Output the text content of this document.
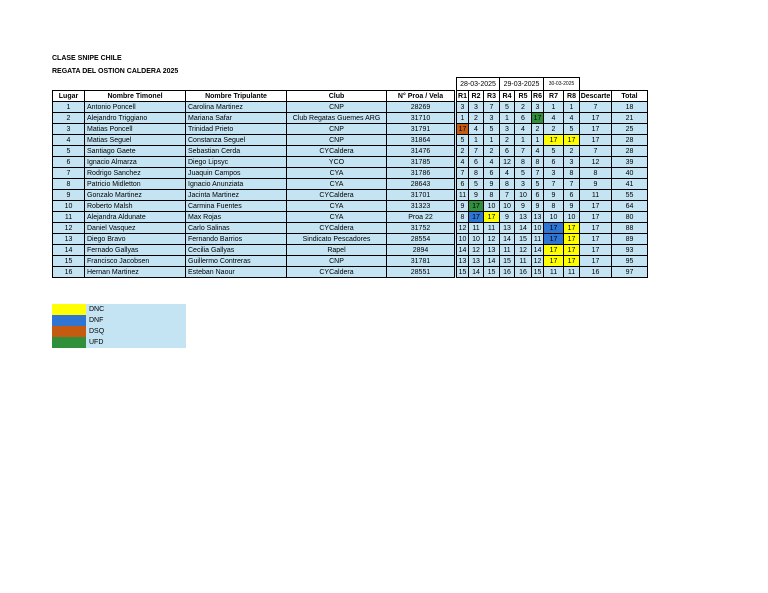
CLASE SNIPE CHILE
REGATA DEL OSTION CALDERA 2025
						28-03-2025			29-03-2025			30-03-2025			
Lugar	Nombre Timonel	Nombre Tripulante	Club	N° Proa / Vela		R1	R2	R3	R4	R5	R6	R7	R8	Descarte	Total
1	Antonio Poncell	Carolina Martinez	CNP	28269		3	3	7	5	2	3	1	1	7	18
2	Alejandro Triggiano	Mariana Safar	Club Regatas Guemes ARG	31710		1	2	3	1	6	17	4	4	17	21
3	Matias Poncell	Trinidad Prieto	CNP	31791		17	4	5	3	4	2	2	5	17	25
4	Matias Seguel	Constanza Seguel	CNP	31864		5	1	1	2	1	1	17	17	17	28
5	Santiago Gaete	Sebastian Cerda	CYCaldera	31476		2	7	2	6	7	4	5	2	7	28
6	Ignacio Almarza	Diego Lipsyc	YCO	31785		4	6	4	12	8	8	6	3	12	39
7	Rodrigo Sanchez	Juaquin Campos	CYA	31786		7	8	6	4	5	7	3	8	8	40
8	Patricio Midletton	Ignacio Anunziata	CYA	28643		6	5	9	8	3	5	7	7	9	41
9	Gonzalo Martinez	Jacinta Martinez	CYCaldera	31701		11	9	8	7	10	6	9	6	11	55
10	Roberto Malsh	Carmina Fuentes	CYA	31323		9	17	10	10	9	9	8	9	17	64
11	Alejandra Aldunate	Max Rojas	CYA	Proa 22		8	17	17	9	13	13	10	10	17	80
12	Daniel Vasquez	Carlo Salinas	CYCaldera	31752		12	11	11	13	14	10	17	17	17	88
13	Diego Bravo	Fernando Barrios	Sindicato Pescadores	28554		10	10	12	14	15	11	17	17	17	89
14	Fernado Gallyas	Cecilia Gallyas	Rapel	2894		14	12	13	11	12	14	17	17	17	93
15	Francisco Jacobsen	Guillermo Contreras	CNP	31781		13	13	14	15	11	12	17	17	17	95
16	Hernan Martinez	Esteban Naour	CYCaldera	28551		15	14	15	16	16	15	11	11	16	97
DNC
DNF
DSQ
UFD
